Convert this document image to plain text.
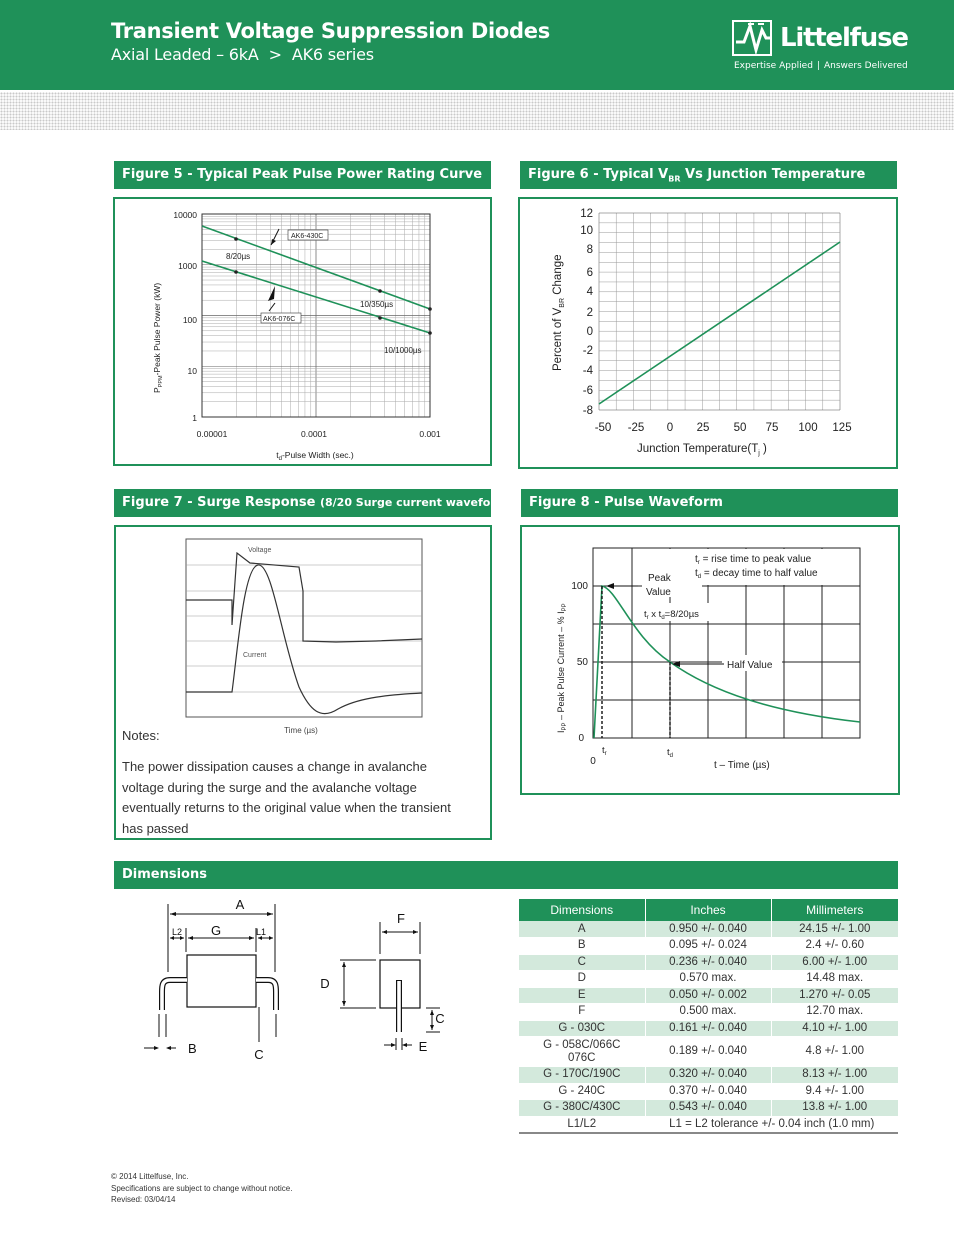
Transient Voltage Suppression Diodes
Axial Leaded – 6kA > AK6 series
Littelfuse
Expertise Applied | Answers Delivered
Figure 5 - Typical Peak Pulse Power Rating Curve
AK6-430C
8/20µs
AK6-076C
10/350µs
10/1000µs
10000
1000
100
10
1
0.00001	0.0001	0.001
$t_d$-Pulse Width (sec.)
$P_{PPM}$-Peak Pulse Power (kW)
Figure 6 - Typical $V_{BR}$ Vs Junction Temperature
12
10
8
6
4
2
0
-2
-4
-6
-8
-50 -25 0 25 50 75 100 125
Junction $Temperature(T_j$ )
Percent of $V_{BR}$ Change
Figure 7 - Surge Response (8/20 Surge current waveform)
Voltage
Current
Time (µs)
Notes:
The power dissipation causes a change in avalanche voltage during the surge and the avalanche voltage eventually returns to the original value when the transient has passed
Figure 8 - Pulse Waveform
$t_r$ = rise time to peak value
$t_d$ = decay time to half value
Peak
Value
$t_r$ x $t_d=8/20\mu s$
Half Value
100
50
0
0
$t_r$	$t_d$
t – Time (µs)
$I_{PP}$ – Peak Pulse Current – % $I_{PP}$
Dimensions
A
G
L2	L1
B	C
F
D
C
E
Dimensions	Inches	Millimeters
A	0.950 +/- 0.040	24.15 +/- 1.00
B	0.095 +/- 0.024	2.4 +/- 0.60
C	0.236 +/- 0.040	6.00 +/- 1.00
D	0.570 max.	14.48 max.
E	0.050 +/- 0.002	1.270 +/- 0.05
F	0.500 max.	12.70 max.
G - 030C	0.161 +/- 0.040	4.10 +/- 1.00
G - 058C/066C
076C	0.189 +/- 0.040	4.8 +/- 1.00
G - 170C/190C	0.320 +/- 0.040	8.13 +/- 1.00
G - 240C	0.370 +/- 0.040	9.4 +/- 1.00
G - 380C/430C	0.543 +/- 0.040	13.8 +/- 1.00
L1/L2	L1 = L2 tolerance +/- 0.04 inch (1.0 mm)	
© 2014 Littelfuse, Inc.
Specifications are subject to change without notice.
Revised: 03/04/14
